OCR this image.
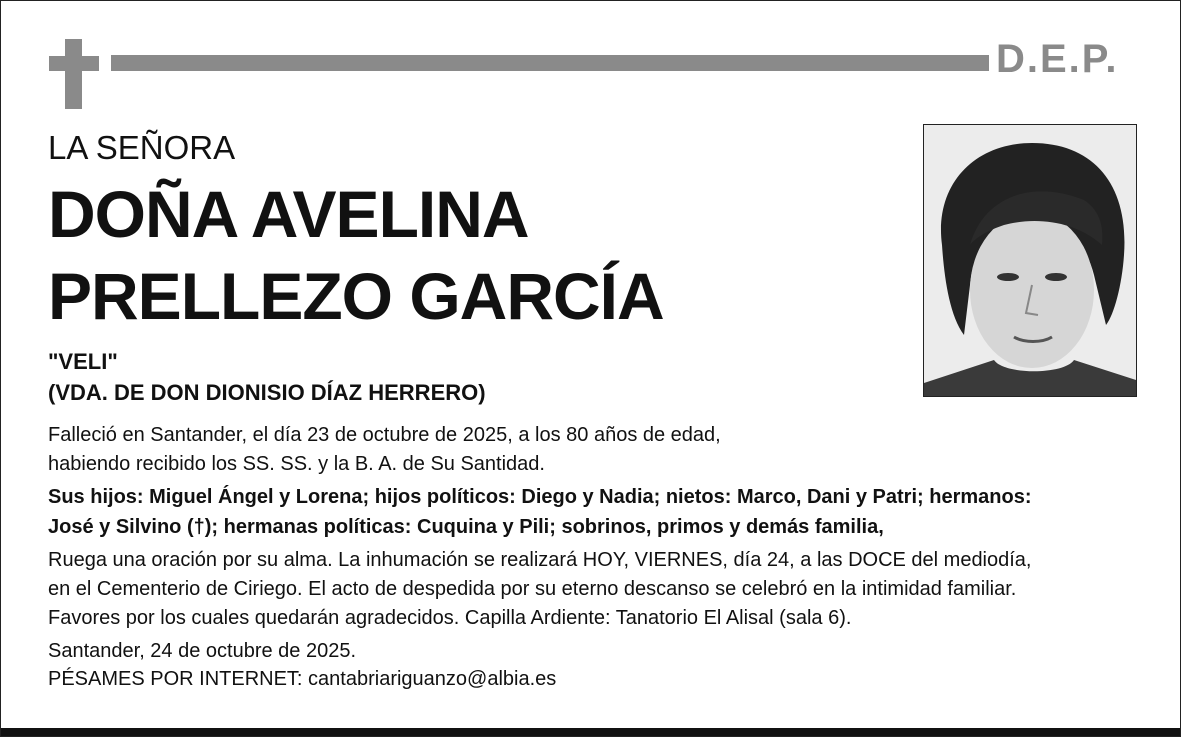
D.E.P.
LA SEÑORA
DOÑA AVELINA
PRELLEZO GARCÍA
"VELI"
(VDA. DE DON DIONISIO DÍAZ HERRERO)
Falleció en Santander, el día 23 de octubre de 2025, a los 80 años de edad,
habiendo recibido los SS. SS. y la B. A. de Su Santidad.
Sus hijos: Miguel Ángel y Lorena; hijos políticos: Diego y Nadia; nietos: Marco, Dani y Patri; hermanos:
José y Silvino (†); hermanas políticas: Cuquina y Pili; sobrinos, primos y demás familia,
Ruega una oración por su alma. La inhumación se realizará HOY, VIERNES, día 24, a las DOCE del mediodía,
en el Cementerio de Ciriego. El acto de despedida por su eterno descanso se celebró en la intimidad familiar.
Favores por los cuales quedarán agradecidos. Capilla Ardiente: Tanatorio El Alisal (sala 6).
Santander, 24 de octubre de 2025.
PÉSAMES POR INTERNET: cantabriariguanzo@albia.es
